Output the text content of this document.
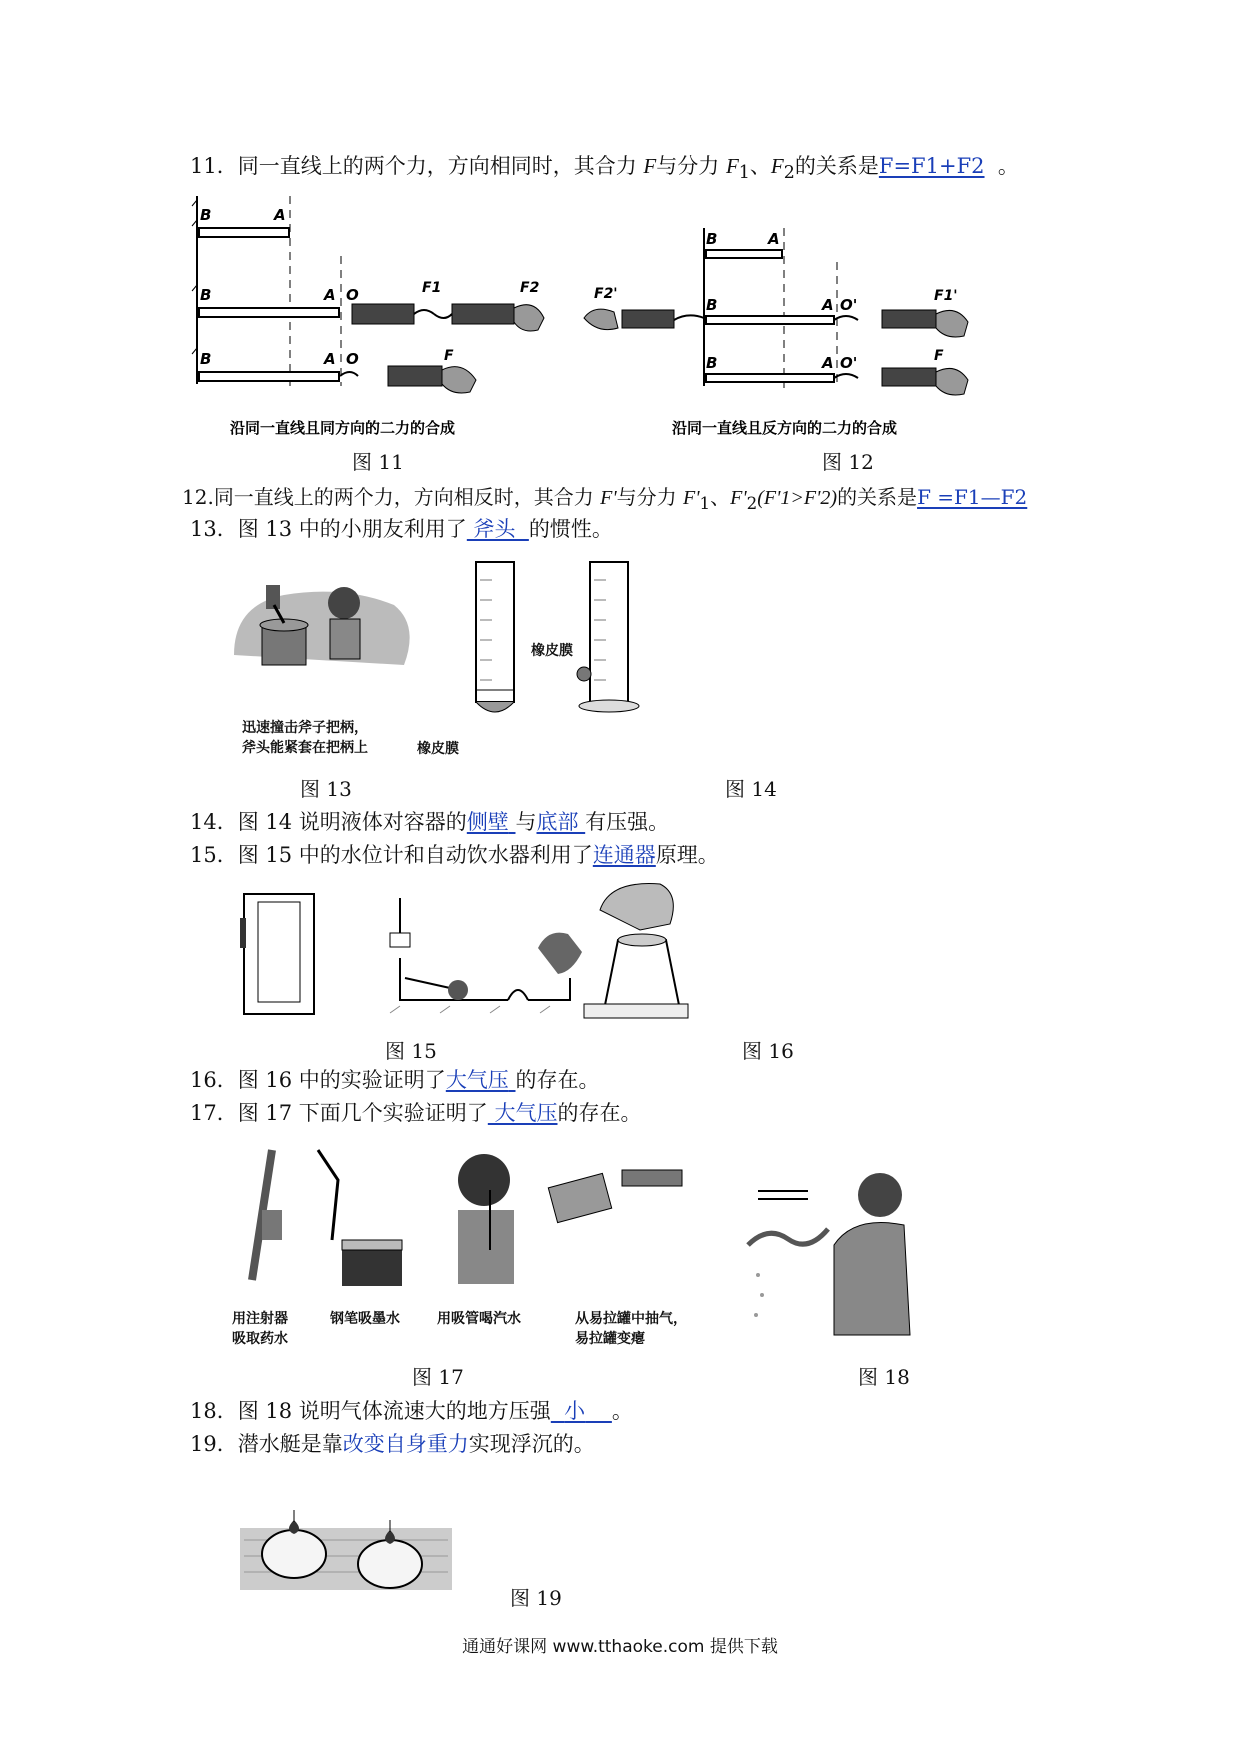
11．同一直线上的两个力，方向相同时，其合力 F与分力 $F_1$、$F_2$的关系是F=F1+F2 。
B	A
B	A O	F1	F2
B	A O	F
沿同一直线且同方向的二力的合成
图 11
B	A
F2'
B	A O'	F1'
B	A O'	F
沿同一直线且反方向的二力的合成
图 12
12.同一直线上的两个力，方向相反时，其合力 F'与分力 $F'_1$、$F'_2(F'1>F'2)$的关系是F =F1—F2
13．图 13 中的小朋友利用了 斧头 的惯性。
迅速撞击斧子把柄，
斧头能紧套在把柄上
橡皮膜
橡皮膜
图 13	图 14
14．图 14 说明液体对容器的侧壁 与底部 有压强。
15．图 15 中的水位计和自动饮水器利用了连通器原理。
图 15	图 16
16．图 16 中的实验证明了大气压 的存在。
17．图 17 下面几个实验证明了 大气压的存在。
用注射器
吸取药水
钢笔吸墨水	用吸管喝汽水	从易拉罐中抽气，
易拉罐变瘪
图 17	图 18
18．图 18 说明气体流速大的地方压强 小 。
19．潜水艇是靠改变自身重力实现浮沉的。
图 19
通通好课网 www.tthaoke.com 提供下载
